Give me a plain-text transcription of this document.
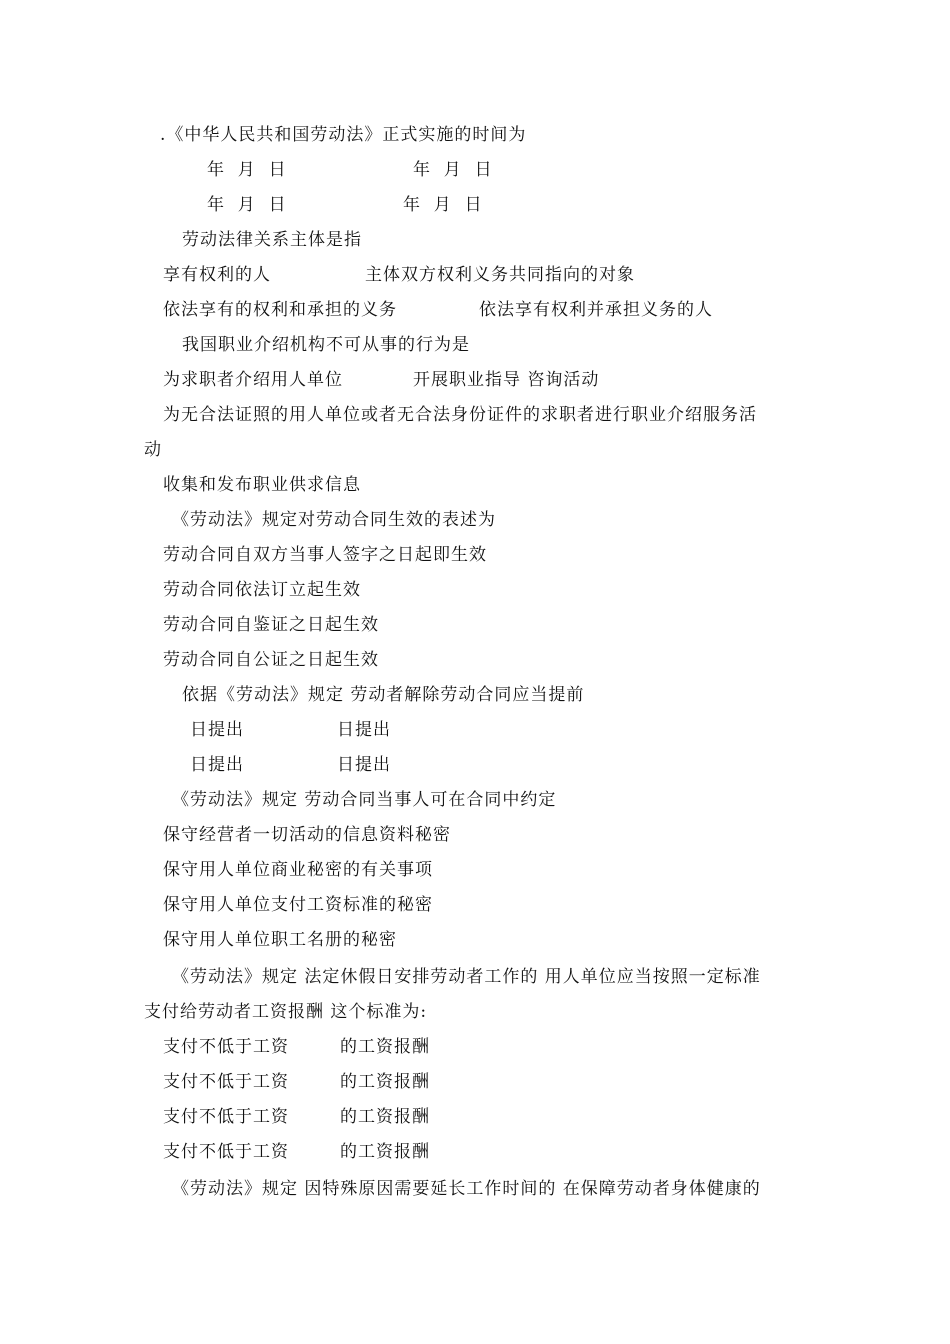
.《中华人民共和国劳动法》正式实施的时间为
年  月  日	年  月  日
年  月  日	年  月  日
劳动法律关系主体是指
享有权利的人	主体双方权利义务共同指向的对象
依法享有的权利和承担的义务	依法享有权利并承担义务的人
我国职业介绍机构不可从事的行为是
为求职者介绍用人单位	开展职业指导 咨询活动
为无合法证照的用人单位或者无合法身份证件的求职者进行职业介绍服务活
动
收集和发布职业供求信息
《劳动法》规定对劳动合同生效的表述为
劳动合同自双方当事人签字之日起即生效
劳动合同依法订立起生效
劳动合同自鉴证之日起生效
劳动合同自公证之日起生效
依据《劳动法》规定 劳动者解除劳动合同应当提前
日提出	日提出
日提出	日提出
《劳动法》规定 劳动合同当事人可在合同中约定
保守经营者一切活动的信息资料秘密
保守用人单位商业秘密的有关事项
保守用人单位支付工资标准的秘密
保守用人单位职工名册的秘密
《劳动法》规定 法定休假日安排劳动者工作的 用人单位应当按照一定标准
支付给劳动者工资报酬 这个标准为:
支付不低于工资	的工资报酬
支付不低于工资	的工资报酬
支付不低于工资	的工资报酬
支付不低于工资	的工资报酬
《劳动法》规定 因特殊原因需要延长工作时间的 在保障劳动者身体健康的
